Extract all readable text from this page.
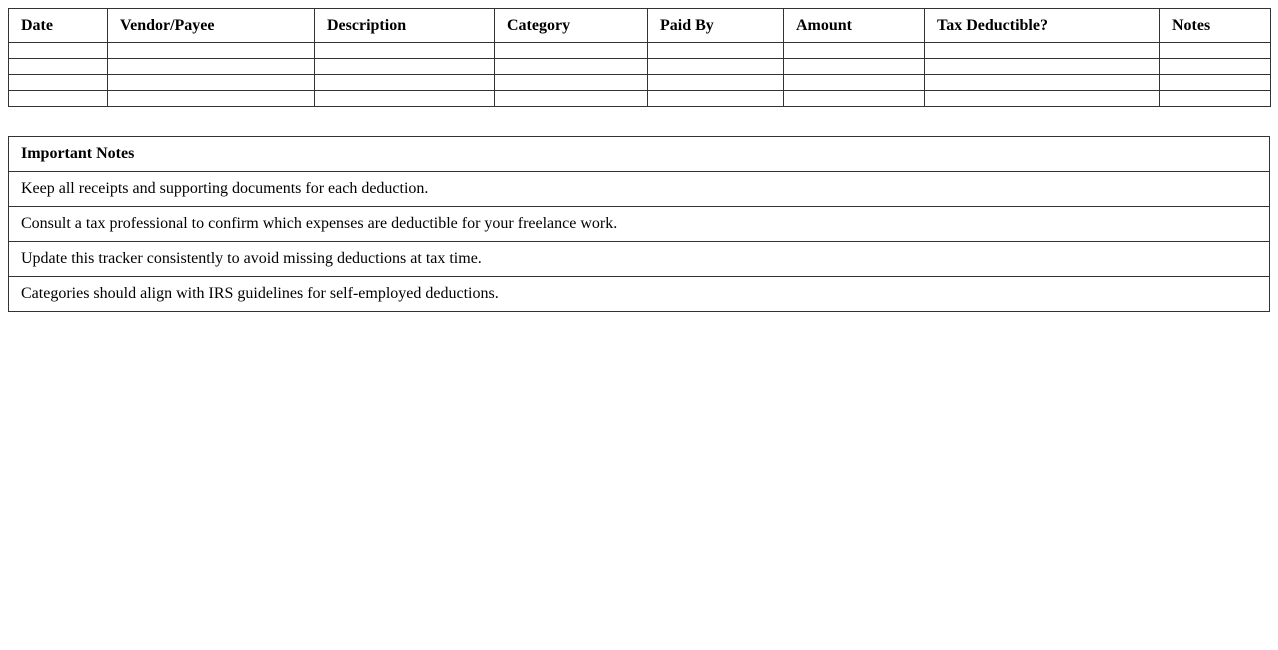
Date	Vendor/Payee	Description	Category	Paid By	Amount	Tax Deductible?	Notes

Important Notes
Keep all receipts and supporting documents for each deduction.
Consult a tax professional to confirm which expenses are deductible for your freelance work.
Update this tracker consistently to avoid missing deductions at tax time.
Categories should align with IRS guidelines for self-employed deductions.
